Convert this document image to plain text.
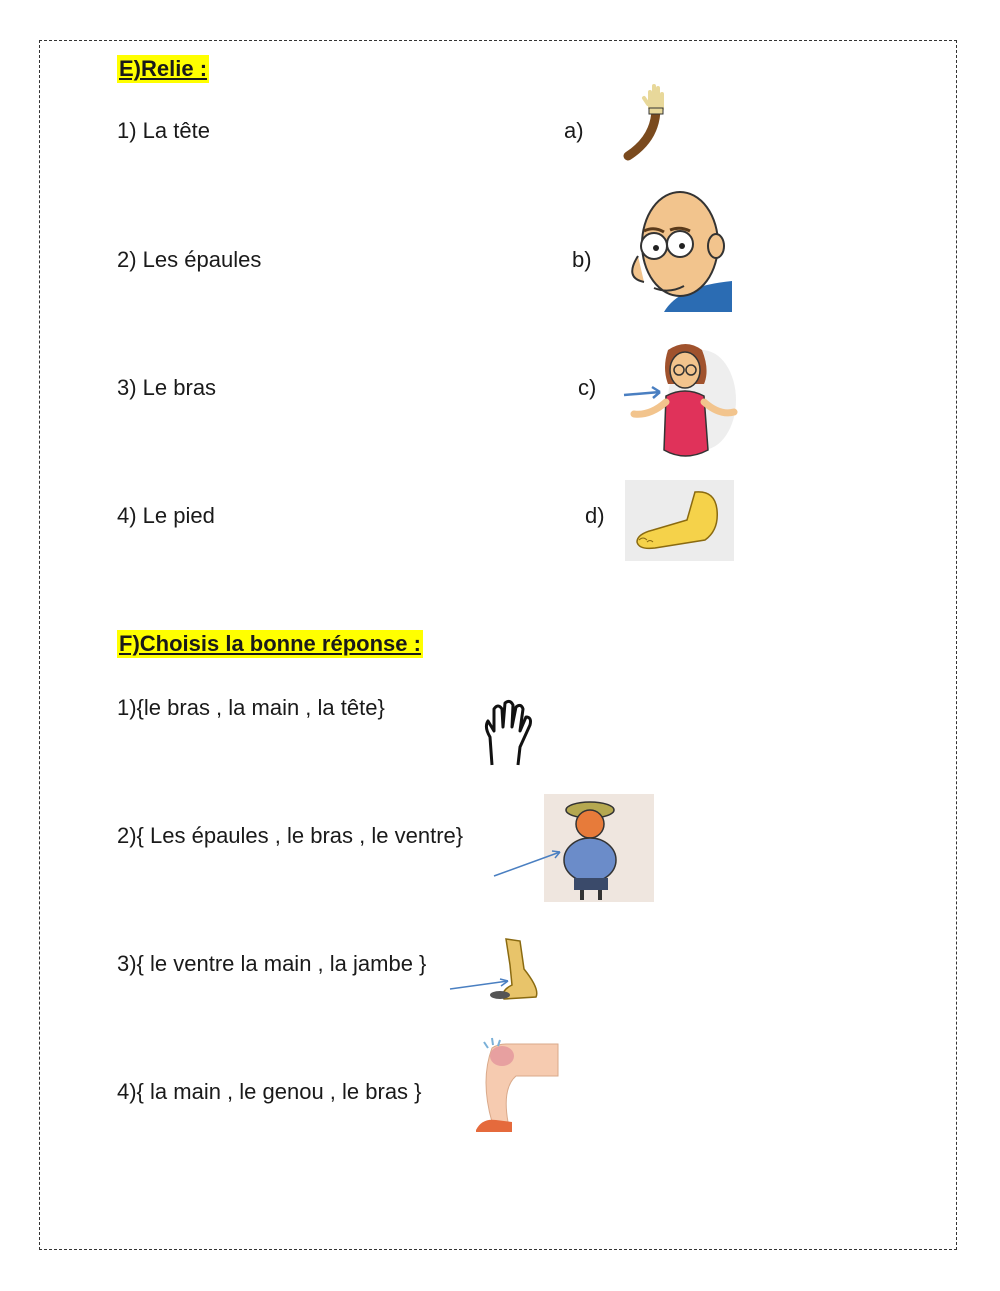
E)Relie :
1) La tête
2) Les épaules
3) Le bras
4) Le pied
a)
b)
c)
d)
F)Choisis la bonne réponse :
1){le bras , la main , la tête}
2){ Les épaules , le bras , le ventre}
3){ le ventre la main , la jambe }
4){ la main , le genou , le bras }
